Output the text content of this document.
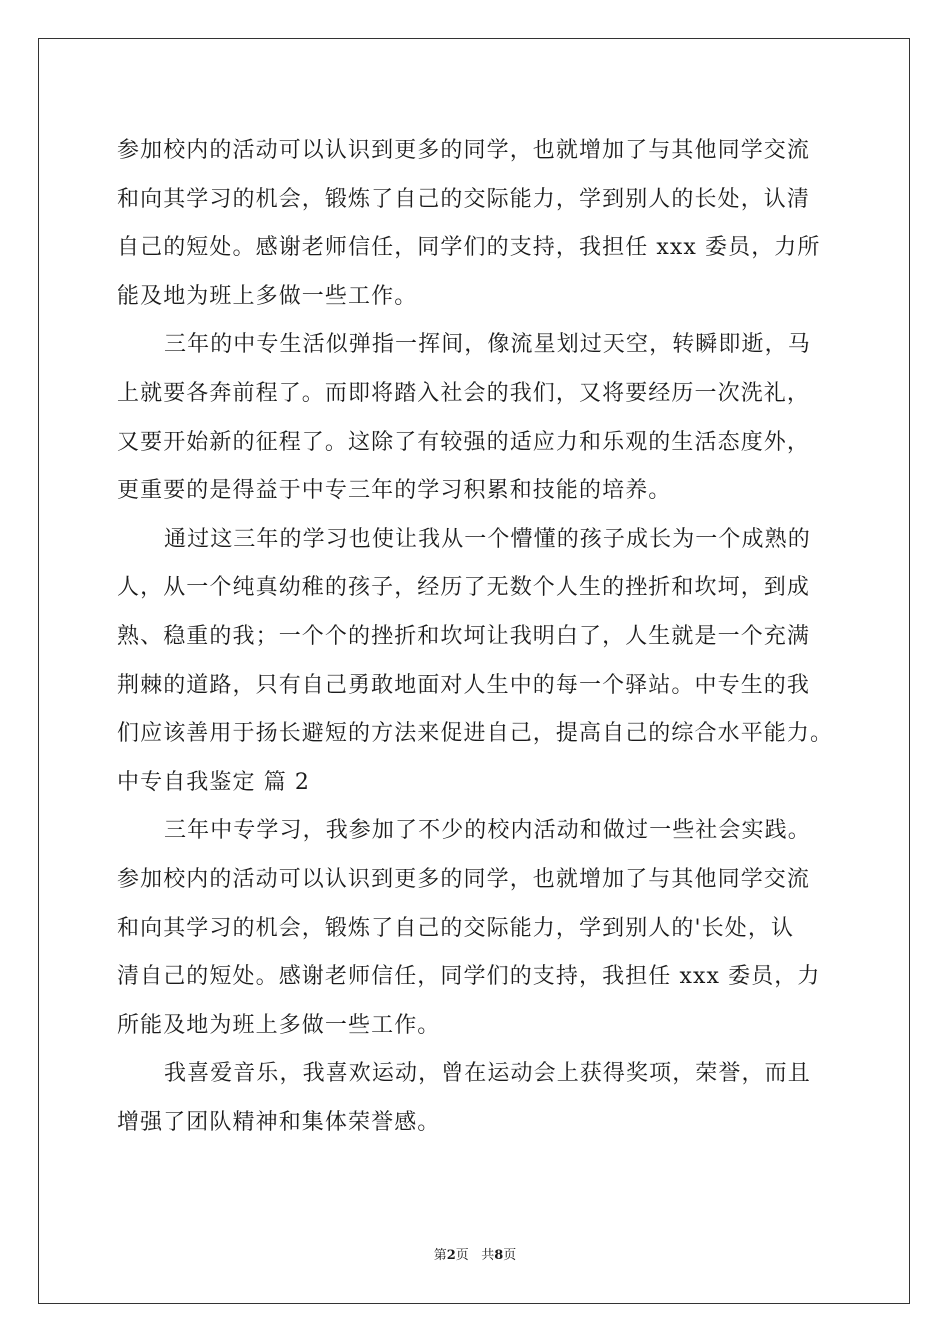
参加校内的活动可以认识到更多的同学，也就增加了与其他同学交流
和向其学习的机会，锻炼了自己的交际能力，学到别人的长处，认清
自己的短处。感谢老师信任，同学们的支持，我担任 xxx 委员，力所
能及地为班上多做一些工作。
三年的中专生活似弹指一挥间，像流星划过天空，转瞬即逝，马
上就要各奔前程了。而即将踏入社会的我们，又将要经历一次洗礼，
又要开始新的征程了。这除了有较强的适应力和乐观的生活态度外，
更重要的是得益于中专三年的学习积累和技能的培养。
通过这三年的学习也使让我从一个懵懂的孩子成长为一个成熟的
人，从一个纯真幼稚的孩子，经历了无数个人生的挫折和坎坷，到成
熟、稳重的我；一个个的挫折和坎坷让我明白了，人生就是一个充满
荆棘的道路，只有自己勇敢地面对人生中的每一个驿站。中专生的我
们应该善用于扬长避短的方法来促进自己，提高自己的综合水平能力。
中专自我鉴定 篇 2
三年中专学习，我参加了不少的校内活动和做过一些社会实践。
参加校内的活动可以认识到更多的同学，也就增加了与其他同学交流
和向其学习的机会，锻炼了自己的交际能力，学到别人的'长处，认
清自己的短处。感谢老师信任，同学们的支持，我担任 xxx 委员，力
所能及地为班上多做一些工作。
我喜爱音乐，我喜欢运动，曾在运动会上获得奖项，荣誉，而且
增强了团队精神和集体荣誉感。
第2页 共8页
